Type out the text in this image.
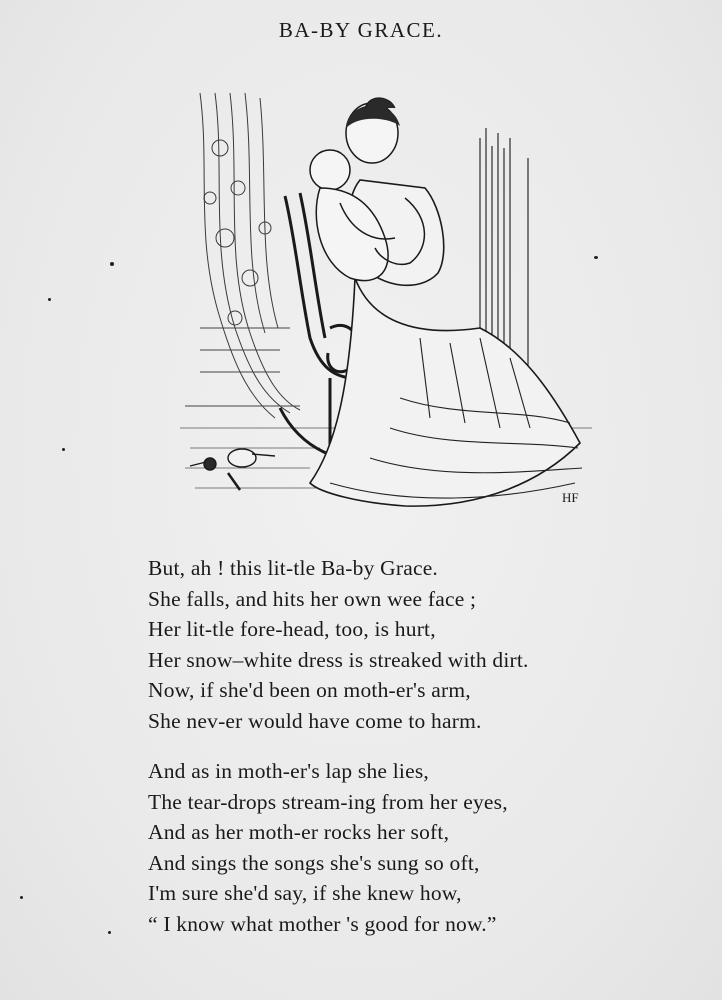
BA-BY GRACE.
HF
But, ah ! this lit-tle Ba-by Grace.
She falls, and hits her own wee face ;
Her lit-tle fore-head, too, is hurt,
Her snow–white dress is streaked with dirt.
Now, if she'd been on moth-er's arm,
She nev-er would have come to harm.
And as in moth-er's lap she lies,
The tear-drops stream-ing from her eyes,
And as her moth-er rocks her soft,
And sings the songs she's sung so oft,
I'm sure she'd say, if she knew how,
“ I know what mother 's good for now.”
